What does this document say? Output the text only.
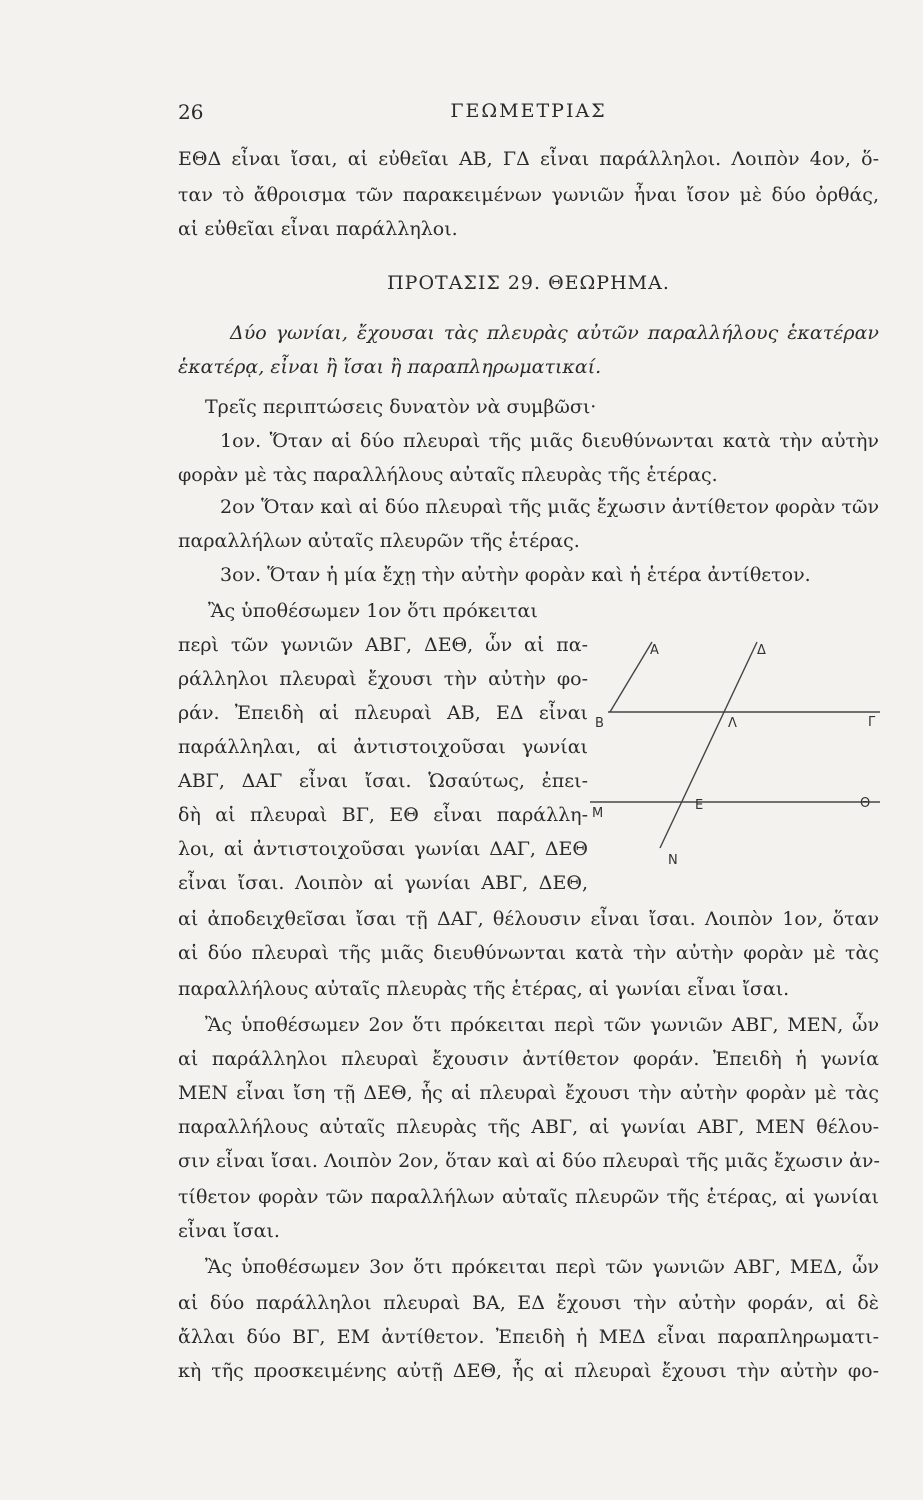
26	ΓΕΩΜΕΤΡΙΑΣ
ΕΘΔ εἶναι ἴσαι, αἱ εὐθεῖαι ΑΒ, ΓΔ εἶναι παράλληλοι. Λοιπὸν 4ον, ὅ-
ταν τὸ ἄθροισμα τῶν παρακειμένων γωνιῶν ἦναι ἴσον μὲ δύο ὀρθάς,
αἱ εὐθεῖαι εἶναι παράλληλοι.
ΠΡΟΤΑΣΙΣ 29. ΘΕΩΡΗΜΑ.
Δύο γωνίαι, ἔχουσαι τὰς πλευρὰς αὐτῶν παραλλήλους ἑκατέραν
ἑκατέρᾳ, εἶναι ἢ ἴσαι ἢ παραπληρωματικαί.
Τρεῖς περιπτώσεις δυνατὸν νὰ συμβῶσι·
1ον. Ὅταν αἱ δύο πλευραὶ τῆς μιᾶς διευθύνωνται κατὰ τὴν αὐτὴν
φορὰν μὲ τὰς παραλλήλους αὐταῖς πλευρὰς τῆς ἑτέρας.
2ον Ὅταν καὶ αἱ δύο πλευραὶ τῆς μιᾶς ἔχωσιν ἀντίθετον φορὰν τῶν
παραλλήλων αὐταῖς πλευρῶν τῆς ἑτέρας.
3ον. Ὅταν ἡ μία ἔχῃ τὴν αὐτὴν φορὰν καὶ ἡ ἑτέρα ἀντίθετον.
Ἂς ὑποθέσωμεν 1ον ὅτι πρόκειται
περὶ τῶν γωνιῶν ΑΒΓ, ΔΕΘ, ὧν αἱ πα-
ράλληλοι πλευραὶ ἔχουσι τὴν αὐτὴν φο-
ράν. Ἐπειδὴ αἱ πλευραὶ ΑΒ, ΕΔ εἶναι
παράλληλαι, αἱ ἀντιστοιχοῦσαι γωνίαι
ΑΒΓ, ΔΑΓ εἶναι ἴσαι. Ὡσαύτως, ἐπει-
δὴ αἱ πλευραὶ ΒΓ, ΕΘ εἶναι παράλλη-
λοι, αἱ ἀντιστοιχοῦσαι γωνίαι ΔΑΓ, ΔΕΘ
εἶναι ἴσαι. Λοιπὸν αἱ γωνίαι ΑΒΓ, ΔΕΘ,
αἱ ἀποδειχθεῖσαι ἴσαι τῇ ΔΑΓ, θέλουσιν εἶναι ἴσαι. Λοιπὸν 1ον, ὅταν
αἱ δύο πλευραὶ τῆς μιᾶς διευθύνωνται κατὰ τὴν αὐτὴν φορὰν μὲ τὰς
παραλλήλους αὐταῖς πλευρὰς τῆς ἑτέρας, αἱ γωνίαι εἶναι ἴσαι.
Ἂς ὑποθέσωμεν 2ον ὅτι πρόκειται περὶ τῶν γωνιῶν ΑΒΓ, ΜΕΝ, ὧν
αἱ παράλληλοι πλευραὶ ἔχουσιν ἀντίθετον φοράν. Ἐπειδὴ ἡ γωνία
ΜΕΝ εἶναι ἴση τῇ ΔΕΘ, ἧς αἱ πλευραὶ ἔχουσι τὴν αὐτὴν φορὰν μὲ τὰς
παραλλήλους αὐταῖς πλευρὰς τῆς ΑΒΓ, αἱ γωνίαι ΑΒΓ, ΜΕΝ θέλου-
σιν εἶναι ἴσαι. Λοιπὸν 2ον, ὅταν καὶ αἱ δύο πλευραὶ τῆς μιᾶς ἔχωσιν ἀν-
τίθετον φορὰν τῶν παραλλήλων αὐταῖς πλευρῶν τῆς ἑτέρας, αἱ γωνίαι
εἶναι ἴσαι.
Ἂς ὑποθέσωμεν 3ον ὅτι πρόκειται περὶ τῶν γωνιῶν ΑΒΓ, ΜΕΔ, ὧν
αἱ δύο παράλληλοι πλευραὶ ΒΑ, ΕΔ ἔχουσι τὴν αὐτὴν φοράν, αἱ δὲ
ἄλλαι δύο ΒΓ, ΕΜ ἀντίθετον. Ἐπειδὴ ἡ ΜΕΔ εἶναι παραπληρωματι-
κὴ τῆς προσκειμένης αὐτῇ ΔΕΘ, ἧς αἱ πλευραὶ ἔχουσι τὴν αὐτὴν φο-
Α	Δ
Β	Λ	Γ
Μ
Ε	Θ
Ν
